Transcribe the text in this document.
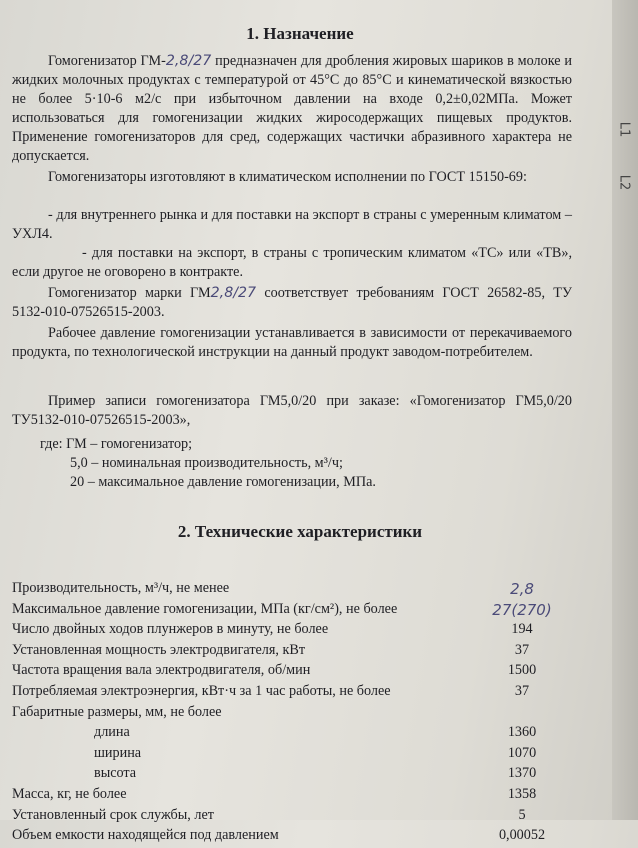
L1
L2
1. Назначение
Гомогенизатор ГМ-2,8/27 предназначен для дробления жировых шариков в молоке и жидких молочных продуктах с температурой от 45°С до 85°С и кинематической вязкостью не более 5·10-6 м2/с при избыточном давлении на входе 0,2±0,02МПа. Может использоваться для гомогенизации жидких жиросодержащих пищевых продуктов. Применение гомогенизаторов для сред, содержащих частички абразивного характера не допускается.
Гомогенизаторы изготовляют в климатическом исполнении по ГОСТ 15150-69:
- для внутреннего рынка и для поставки на экспорт в страны с умеренным климатом – УХЛ4.
- для поставки на экспорт, в страны с тропическим климатом «ТС» или «ТВ», если другое не оговорено в контракте.
Гомогенизатор марки ГМ2,8/27 соответствует требованиям ГОСТ 26582-85, ТУ 5132-010-07526515-2003.
Рабочее давление гомогенизации устанавливается в зависимости от перекачиваемого продукта, по технологической инструкции на данный продукт заводом-потребителем.
Пример записи гомогенизатора ГМ5,0/20 при заказе: «Гомогенизатор ГМ5,0/20 ТУ5132-010-07526515-2003»,
где: ГМ – гомогенизатор;
5,0 – номинальная производительность, м³/ч;
20 – максимальное давление гомогенизации, МПа.
2. Технические характеристики
Производительность, м³/ч, не менее	2,8
Максимальное давление гомогенизации, МПа (кг/см²), не более	27(270)
Число двойных ходов плунжеров в минуту, не более	194
Установленная мощность электродвигателя, кВт	37
Частота вращения вала электродвигателя, об/мин	1500
Потребляемая электроэнергия, кВт·ч за 1 час работы, не более	37
Габаритные размеры, мм, не более
длина	1360
ширина	1070
высота	1370
Масса, кг, не более	1358
Установленный срок службы, лет	5
Объем емкости находящейся под давлением	0,00052
